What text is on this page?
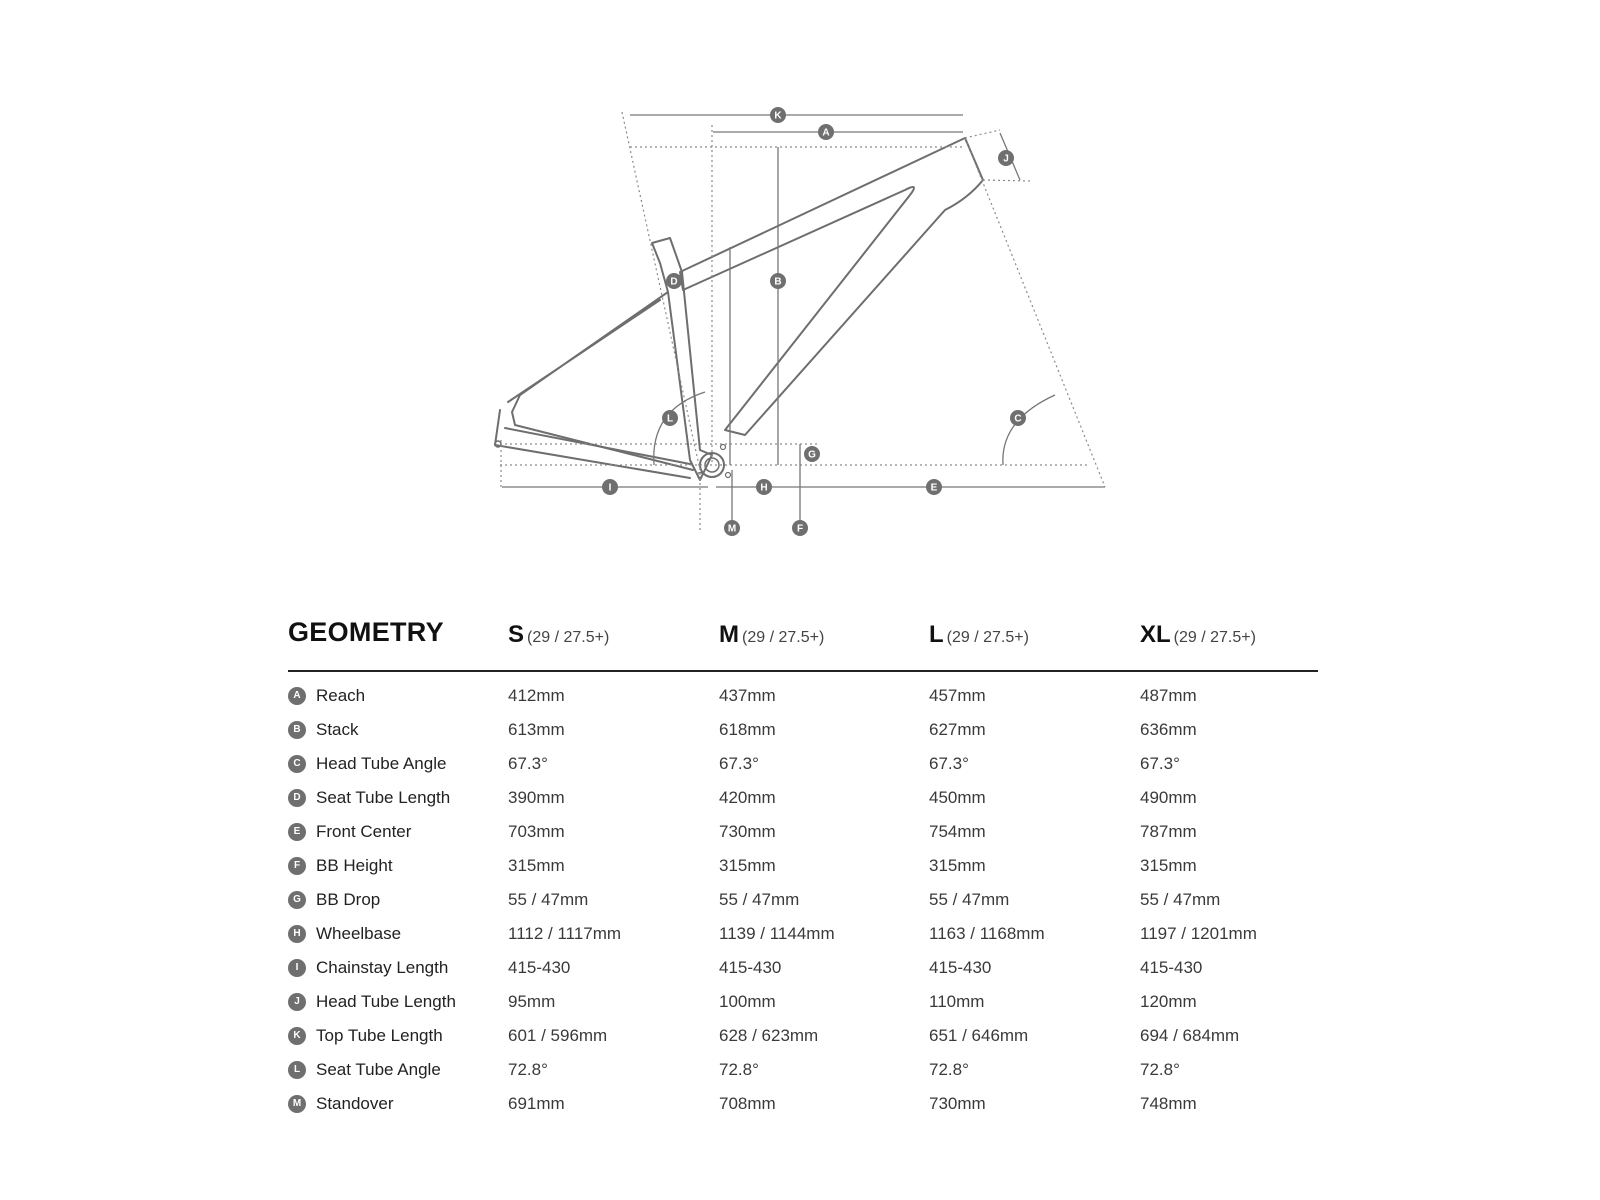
K
A
J
D	B
L	C
G
I	H	E
M	F
GEOMETRY	S (29 / 27.5+)	M (29 / 27.5+)	L (29 / 27.5+)	XL (29 / 27.5+)
A Reach	412mm	437mm	457mm	487mm
B Stack	613mm	618mm	627mm	636mm
C Head Tube Angle	67.3°	67.3°	67.3°	67.3°
D Seat Tube Length	390mm	420mm	450mm	490mm
E Front Center	703mm	730mm	754mm	787mm
F BB Height	315mm	315mm	315mm	315mm
G BB Drop	55 / 47mm	55 / 47mm	55 / 47mm	55 / 47mm
H Wheelbase	1112 / 1117mm	1139 / 1144mm	1163 / 1168mm	1197 / 1201mm
I	Chainstay Length	415-430	415-430	415-430	415-430
J Head Tube Length	95mm	100mm	110mm	120mm
K Top Tube Length	601 / 596mm	628 / 623mm	651 / 646mm	694 / 684mm
L Seat Tube Angle	72.8°	72.8°	72.8°	72.8°
M Standover	691mm	708mm	730mm	748mm
